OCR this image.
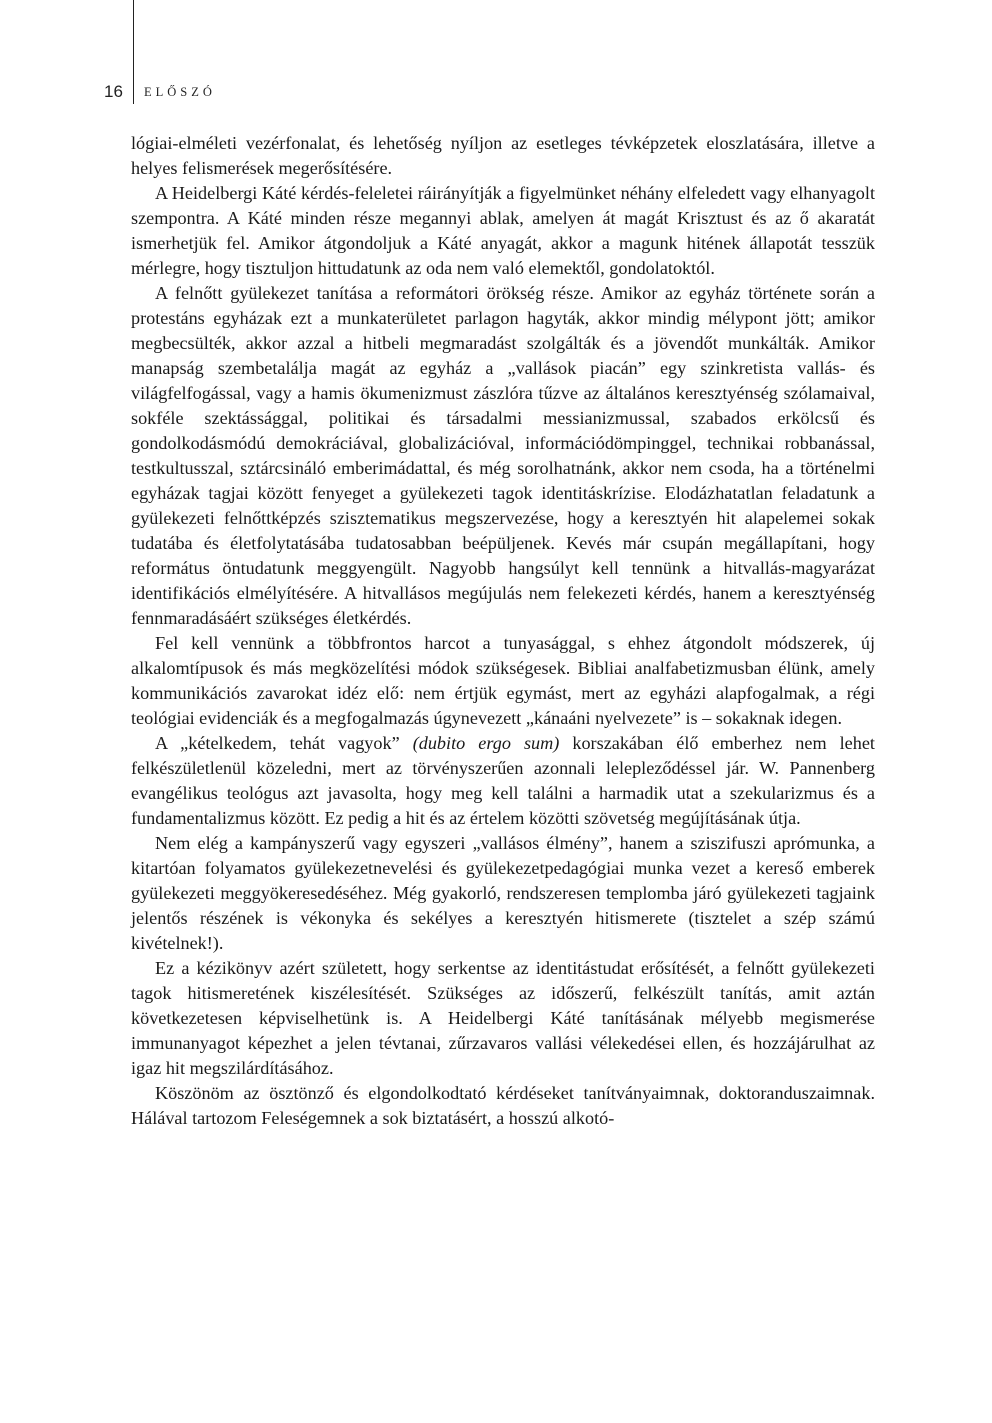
16 ELŐSZÓ

lógiai-elméleti vezérfonalat, és lehetőség nyíljon az esetleges tévképzetek eloszlatására, illetve a helyes felismerések megerősítésére.

A Heidelbergi Káté kérdés-feleletei ráirányítják a figyelmünket néhány elfeledett vagy elhanyagolt szempontra. A Káté minden része megannyi ablak, amelyen át magát Krisztust és az ő akaratát ismerhetjük fel. Amikor átgondoljuk a Káté anyagát, akkor a magunk hitének állapotát tesszük mérlegre, hogy tisztuljon hittudatunk az oda nem való elemektől, gondolatoktól.

A felnőtt gyülekezet tanítása a reformátori örökség része. Amikor az egyház története során a protestáns egyházak ezt a munkaterületet parlagon hagyták, akkor mindig mélypont jött; amikor megbecsülték, akkor azzal a hitbeli megmaradást szolgálták és a jövendőt munkálták. Amikor manapság szembetalálja magát az egyház a „vallások piacán” egy szinkretista vallás- és világfelfogással, vagy a hamis ökumenizmust zászlóra tűzve az általános keresztyénség szólamaival, sokféle szektássággal, politikai és társadalmi messianizmussal, szabados erkölcsű és gondolkodásmódú demokráciával, globalizációval, információdömpinggel, technikai robbanással, testkultusszal, sztárcsináló emberimádattal, és még sorolhatnánk, akkor nem csoda, ha a történelmi egyházak tagjai között fenyeget a gyülekezeti tagok identitáskrízise. Elodázhatatlan feladatunk a gyülekezeti felnőttképzés szisztematikus megszervezése, hogy a keresztyén hit alapelemei sokak tudatába és életfolytatásába tudatosabban beépüljenek. Kevés már csupán megállapítani, hogy református öntudatunk meggyengült. Nagyobb hangsúlyt kell tennünk a hitvallás-magyarázat identifikációs elmélyítésére. A hitvallásos megújulás nem felekezeti kérdés, hanem a keresztyénség fennmaradásáért szükséges életkérdés.

Fel kell vennünk a többfrontos harcot a tunyasággal, s ehhez átgondolt módszerek, új alkalomtípusok és más megközelítési módok szükségesek. Bibliai analfabetizmusban élünk, amely kommunikációs zavarokat idéz elő: nem értjük egymást, mert az egyházi alapfogalmak, a régi teológiai evidenciák és a megfogalmazás úgynevezett „kánaáni nyelvezete” is – sokaknak idegen.

A „kételkedem, tehát vagyok” (dubito ergo sum) korszakában élő emberhez nem lehet felkészületlenül közeledni, mert az törvényszerűen azonnali lelepleződéssel jár. W. Pannenberg evangélikus teológus azt javasolta, hogy meg kell találni a harmadik utat a szekularizmus és a fundamentalizmus között. Ez pedig a hit és az értelem közötti szövetség megújításának útja.

Nem elég a kampányszerű vagy egyszeri „vallásos élmény”, hanem a sziszifuszi aprómunka, a kitartóan folyamatos gyülekezetnevelési és gyülekezetpedagógiai munka vezet a kereső emberek gyülekezeti meggyökeresedéséhez. Még gyakorló, rendszeresen templomba járó gyülekezeti tagjaink jelentős részének is vékonyka és sekélyes a keresztyén hitismerete (tisztelet a szép számú kivételnek!).

Ez a kézikönyv azért született, hogy serkentse az identitástudat erősítését, a felnőtt gyülekezeti tagok hitismeretének kiszélesítését. Szükséges az időszerű, felkészült tanítás, amit aztán következetesen képviselhetünk is. A Heidelbergi Káté tanításának mélyebb megismerése immunanyagot képezhet a jelen tévtanai, zűrzavaros vallási vélekedései ellen, és hozzájárulhat az igaz hit megszilárdításához.

Köszönöm az ösztönző és elgondolkodtató kérdéseket tanítványaimnak, doktoranduszaimnak. Hálával tartozom Feleségemnek a sok biztatásért, a hosszú alkotó-
